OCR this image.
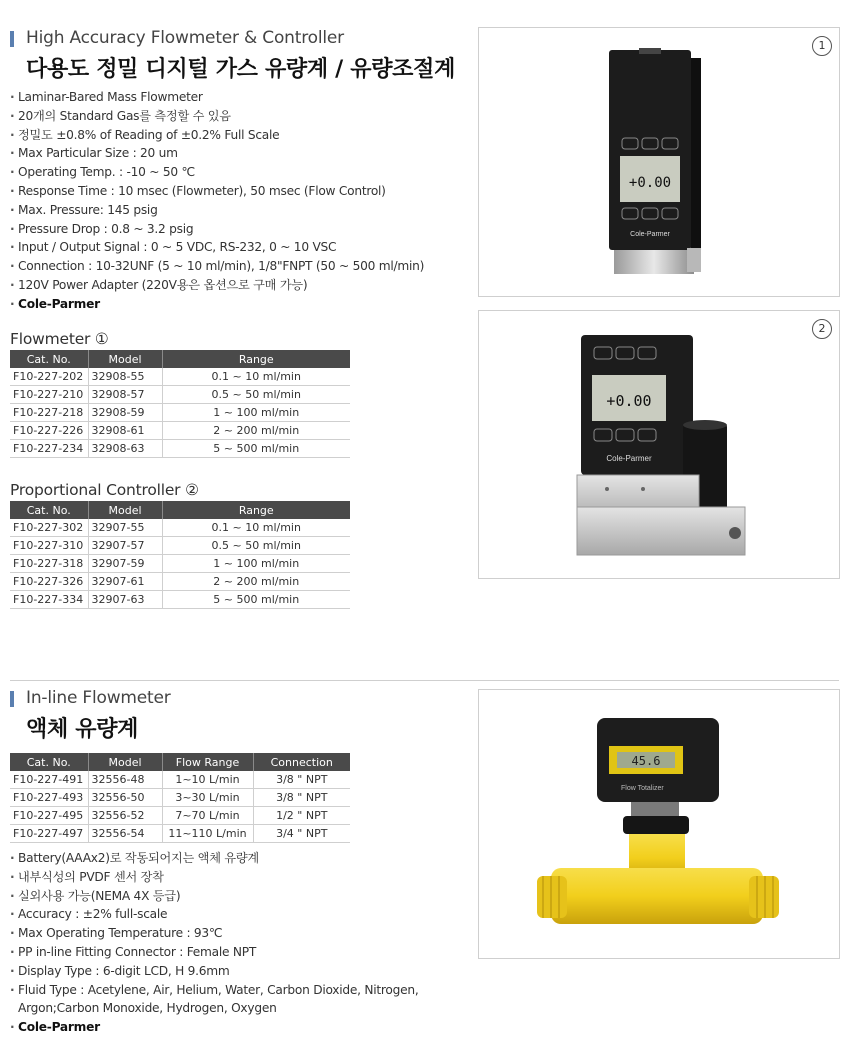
High Accuracy Flowmeter & Controller
다용도 정밀 디지털 가스 유량계 / 유량조절계
· Laminar-Bared Mass Flowmeter
· 20개의 Standard Gas를 측정할 수 있음
· 정밀도 ±0.8% of Reading of ±0.2% Full Scale
· Max Particular Size : 20 um
· Operating Temp. : -10 ~ 50 ℃
· Response Time : 10 msec (Flowmeter), 50 msec (Flow Control)
· Max. Pressure: 145 psig
· Pressure Drop : 0.8 ~ 3.2 psig
· Input / Output Signal : 0 ~ 5 VDC, RS-232, 0 ~ 10 VSC
· Connection : 10-32UNF (5 ~ 10 ml/min), 1/8"FNPT (50 ~ 500 ml/min)
· 120V Power Adapter (220V용은 옵션으로 구매 가능)
· Cole-Parmer
Flowmeter ①
Cat. No.	Model	Range
F10-227-202	32908-55	0.1 ~ 10 ml/min
F10-227-210	32908-57	0.5 ~ 50 ml/min
F10-227-218	32908-59	1 ~ 100 ml/min
F10-227-226	32908-61	2 ~ 200 ml/min
F10-227-234	32908-63	5 ~ 500 ml/min
Proportional Controller ②
Cat. No.	Model	Range
F10-227-302	32907-55	0.1 ~ 10 ml/min
F10-227-310	32907-57	0.5 ~ 50 ml/min
F10-227-318	32907-59	1 ~ 100 ml/min
F10-227-326	32907-61	2 ~ 200 ml/min
F10-227-334	32907-63	5 ~ 500 ml/min
1
+0.00
Cole-Parmer
2
+0.00
Cole-Parmer
In-line Flowmeter
액체 유량계
Cat. No.	Model	Flow Range	Connection
F10-227-491	32556-48	1~10 L/min	3/8 " NPT
F10-227-493	32556-50	3~30 L/min	3/8 " NPT
F10-227-495	32556-52	7~70 L/min	1/2 " NPT
F10-227-497	32556-54	11~110 L/min	3/4 " NPT
· Battery(AAAx2)로 작동되어지는 액체 유량계
· 내부식성의 PVDF 센서 장착
· 실외사용 가능(NEMA 4X 등급)
· Accuracy : ±2% full-scale
· Max Operating Temperature : 93℃
· PP in-line Fitting Connector : Female NPT
· Display Type : 6-digit LCD, H 9.6mm
· Fluid Type : Acetylene, Air, Helium, Water, Carbon Dioxide, Nitrogen,
Argon;Carbon Monoxide, Hydrogen, Oxygen
· Cole-Parmer
45.6
Flow Totalizer
